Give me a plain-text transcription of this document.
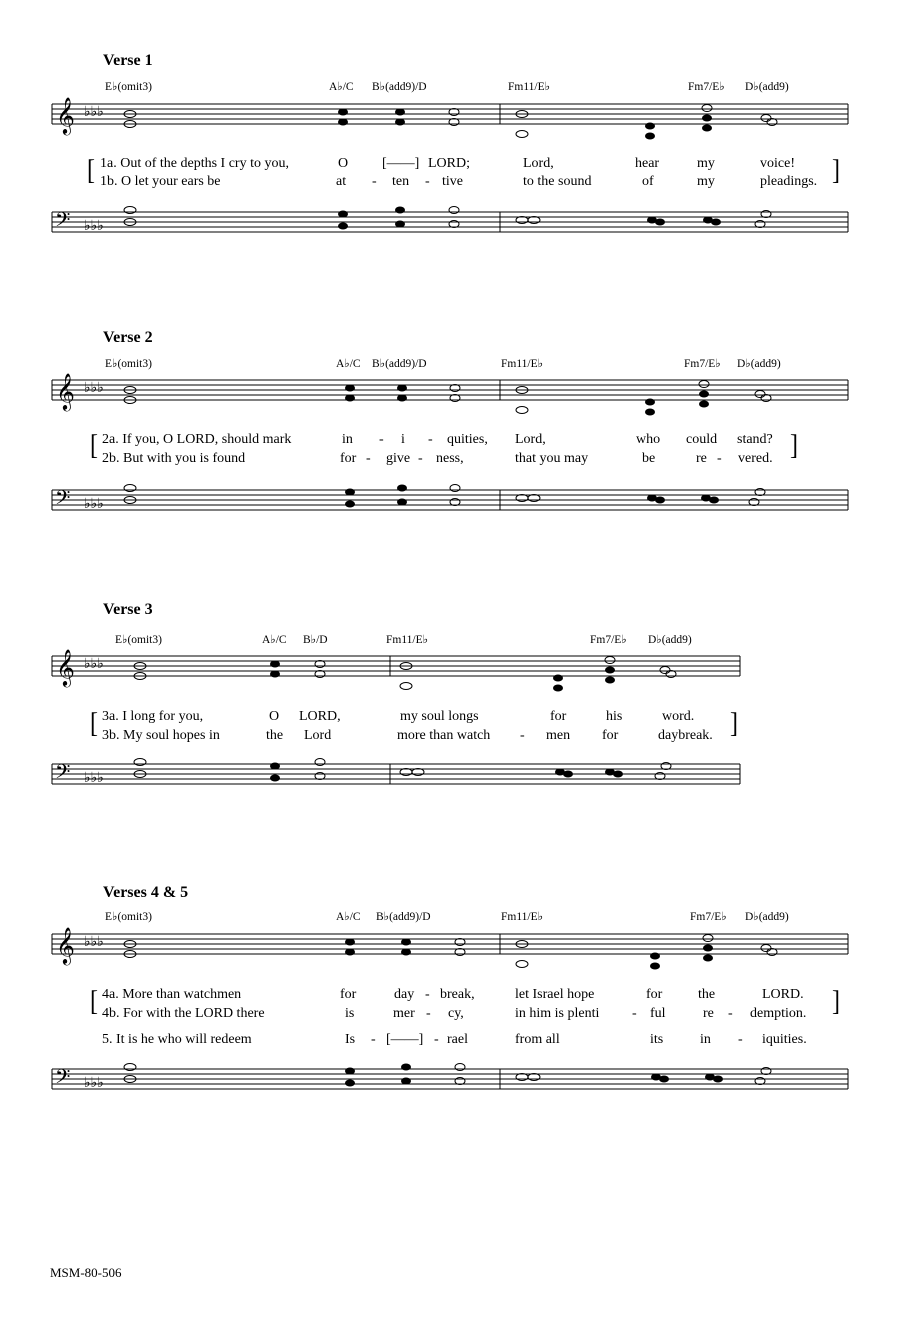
Verse 1
E♭(omit3)	A♭/C B♭(add9)/D	Fm11/E♭	Fm7/E♭ D♭(add9)
𝄞 ♭♭♭
[	]
1a. Out of the depths I cry to you,	O [——] LORD;	Lord,	hear	my	voice!
1b. O let your ears be	at - ten - tive	to the sound	of	my	pleadings.
𝄢 ♭♭♭
Verse 2
E♭(omit3)	A♭/C B♭(add9)/D	Fm11/E♭	Fm7/E♭ D♭(add9)
𝄞 ♭♭♭
[	]
2a. If you, O LORD, should mark	in - i - quities, Lord,	who could stand?
2b. But with you is found	for - give - ness,	that you may	be	re - vered.
𝄢 ♭♭♭
Verse 3
E♭(omit3)	A♭/C B♭/D	Fm11/E♭	Fm7/E♭ D♭(add9)
𝄞 ♭♭♭
[	]
3a. I long for you,	O LORD,	my soul longs	for	his	word.
3b. My soul hopes in	the Lord	more than watch - men for	daybreak.
𝄢 ♭♭♭
Verses 4 & 5
E♭(omit3)	A♭/C B♭(add9)/D	Fm11/E♭	Fm7/E♭ D♭(add9)
𝄞 ♭♭♭
[	]
4a. More than watchmen	for	day - break,	let Israel hope	for	the	LORD.
4b. For with the LORD there	is	mer - cy,	in him is plenti - ful	re - demption.
5. It is he who will redeem	Is - [——] - rael	from all	its	in - iquities.
𝄢 ♭♭♭
MSM-80-506
